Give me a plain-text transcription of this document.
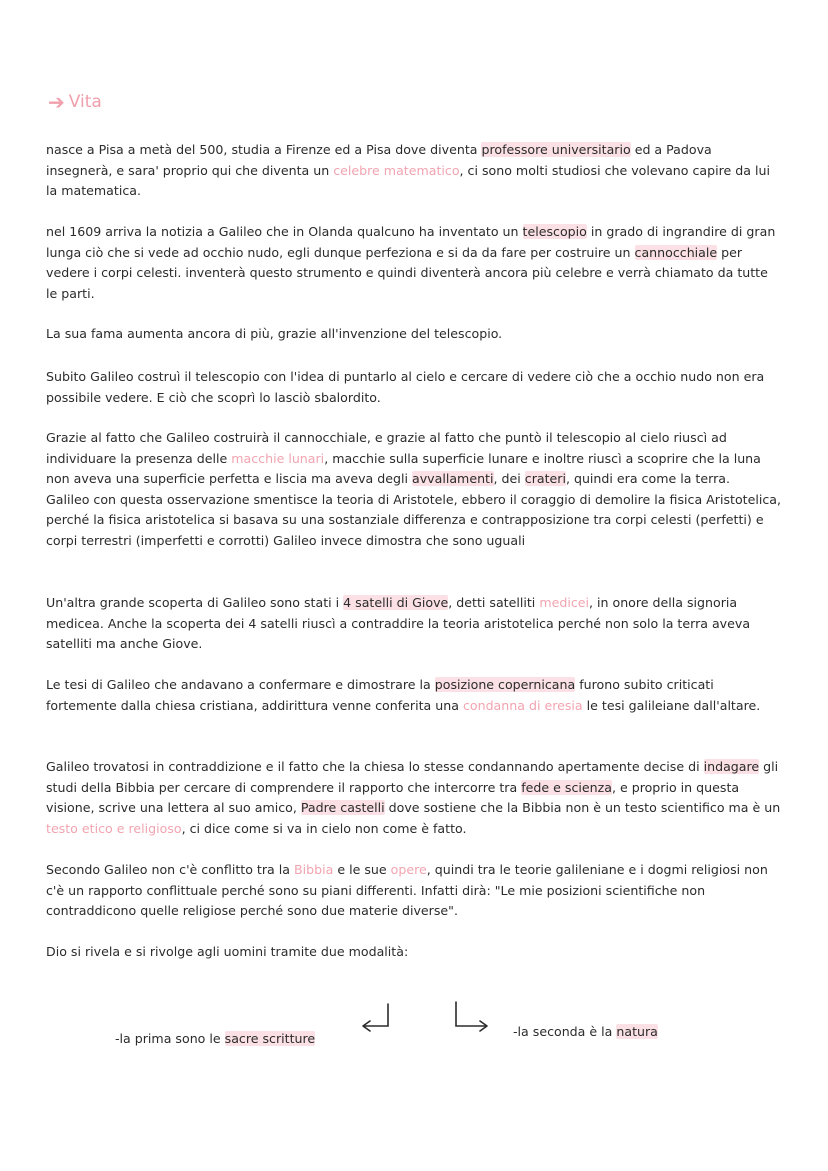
➔ Vita

nasce a Pisa a metà del 500, studia a Firenze ed a Pisa dove diventa professore universitario ed a Padova insegnerà, e sara' proprio qui che diventa un celebre matematico, ci sono molti studiosi che volevano capire da lui la matematica.

nel 1609 arriva la notizia a Galileo che in Olanda qualcuno ha inventato un telescopio in grado di ingrandire di gran lunga ciò che si vede ad occhio nudo, egli dunque perfeziona e si da da fare per costruire un cannocchiale per vedere i corpi celesti. inventerà questo strumento e quindi diventerà ancora più celebre e verrà chiamato da tutte le parti.

La sua fama aumenta ancora di più, grazie all'invenzione del telescopio.

Subito Galileo costruì il telescopio con l'idea di puntarlo al cielo e cercare di vedere ciò che a occhio nudo non era possibile vedere. E ciò che scoprì lo lasciò sbalordito.

Grazie al fatto che Galileo costruirà il cannocchiale, e grazie al fatto che puntò il telescopio al cielo riuscì ad individuare la presenza delle macchie lunari, macchie sulla superficie lunare e inoltre riuscì a scoprire che la luna non aveva una superficie perfetta e liscia ma aveva degli avvallamenti, dei crateri, quindi era come la terra.
Galileo con questa osservazione smentisce la teoria di Aristotele, ebbero il coraggio di demolire la fisica Aristotelica, perché la fisica aristotelica si basava su una sostanziale differenza e contrapposizione tra corpi celesti (perfetti) e corpi terrestri (imperfetti e corrotti) Galileo invece dimostra che sono uguali

Un'altra grande scoperta di Galileo sono stati i 4 satelli di Giove, detti satelliti medicei, in onore della signoria medicea. Anche la scoperta dei 4 satelli riuscì a contraddire la teoria aristotelica perché non solo la terra aveva satelliti ma anche Giove.

Le tesi di Galileo che andavano a confermare e dimostrare la posizione copernicana furono subito criticati fortemente dalla chiesa cristiana, addirittura venne conferita una condanna di eresia le tesi galileiane dall'altare.

Galileo trovatosi in contraddizione e il fatto che la chiesa lo stesse condannando apertamente decise di indagare gli studi della Bibbia per cercare di comprendere il rapporto che intercorre tra fede e scienza, e proprio in questa visione, scrive una lettera al suo amico, Padre castelli dove sostiene che la Bibbia non è un testo scientifico ma è un testo etico e religioso, ci dice come si va in cielo non come è fatto.

Secondo Galileo non c'è conflitto tra la Bibbia e le sue opere, quindi tra le teorie galileniane e i dogmi religiosi non c'è un rapporto conflittuale perché sono su piani differenti. Infatti dirà: "Le mie posizioni scientifiche non contraddicono quelle religiose perché sono due materie diverse".

Dio si rivela e si rivolge agli uomini tramite due modalità:

-la prima sono le sacre scritture	-la seconda è la natura
